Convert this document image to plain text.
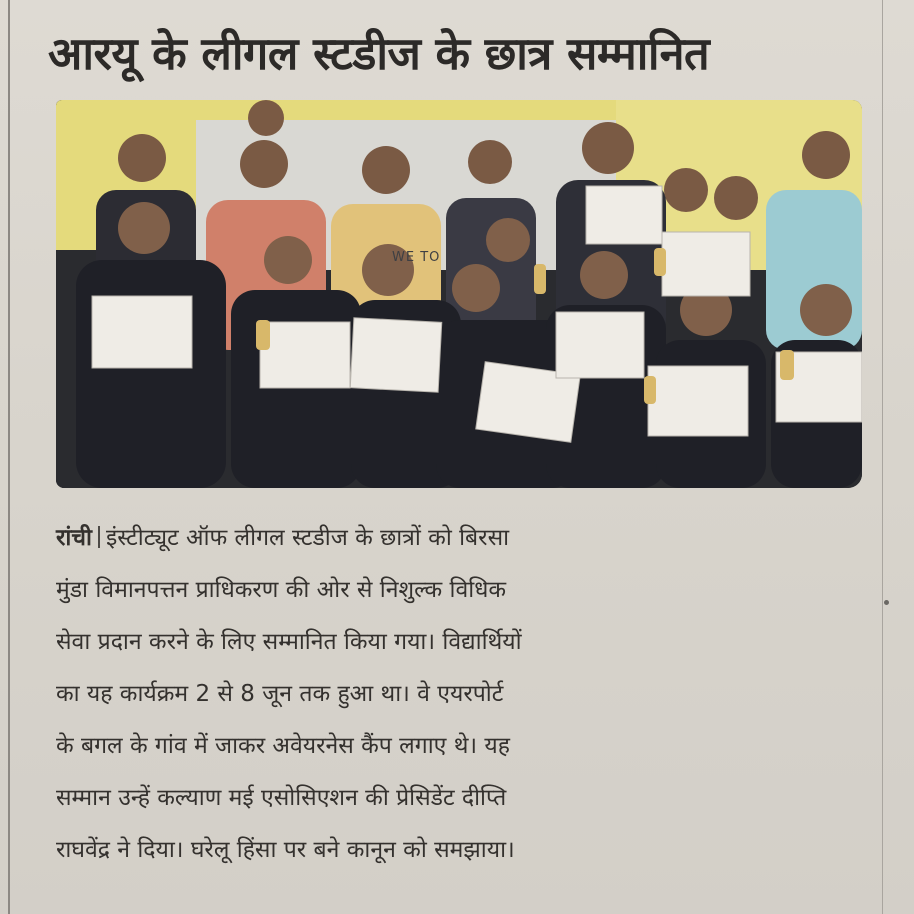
आरयू के लीगल स्टडीज के छात्र सम्मानित
WE TO
रांची इंस्टीट्यूट ऑफ लीगल स्टडीज के छात्रों को बिरसा
मुंडा विमानपत्तन प्राधिकरण की ओर से निशुल्क विधिक
सेवा प्रदान करने के लिए सम्मानित किया गया। विद्यार्थियों
का यह कार्यक्रम 2 से 8 जून तक हुआ था। वे एयरपोर्ट
के बगल के गांव में जाकर अवेयरनेस कैंप लगाए थे। यह
सम्मान उन्हें कल्याण मई एसोसिएशन की प्रेसिडेंट दीप्ति
राघवेंद्र ने दिया। घरेलू हिंसा पर बने कानून को समझाया।
